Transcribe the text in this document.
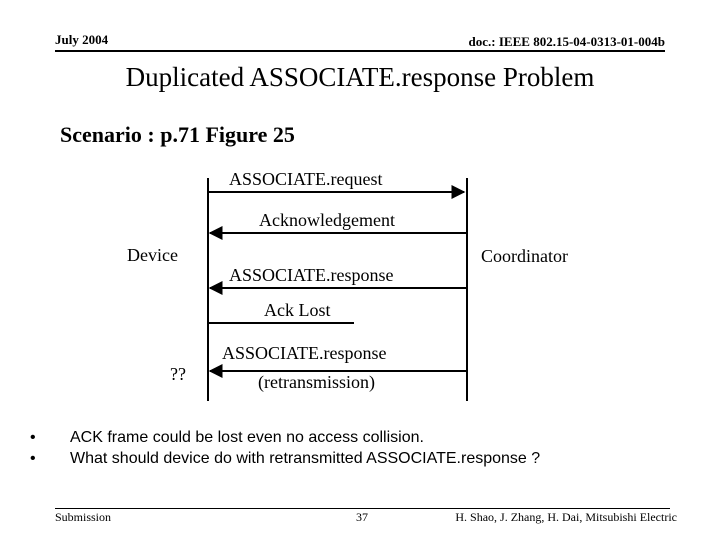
July 2004	doc.: IEEE 802.15-04-0313-01-004b
Duplicated ASSOCIATE.response Problem
Scenario : p.71 Figure 25
ASSOCIATE.request
Acknowledgement
ASSOCIATE.response
Ack Lost
ASSOCIATE.response
(retransmission)
Device	Coordinator
??
• ACK frame could be lost even no access collision.
• What should device do with retransmitted ASSOCIATE.response ?
Submission	37	H. Shao, J. Zhang, H. Dai, Mitsubishi Electric
